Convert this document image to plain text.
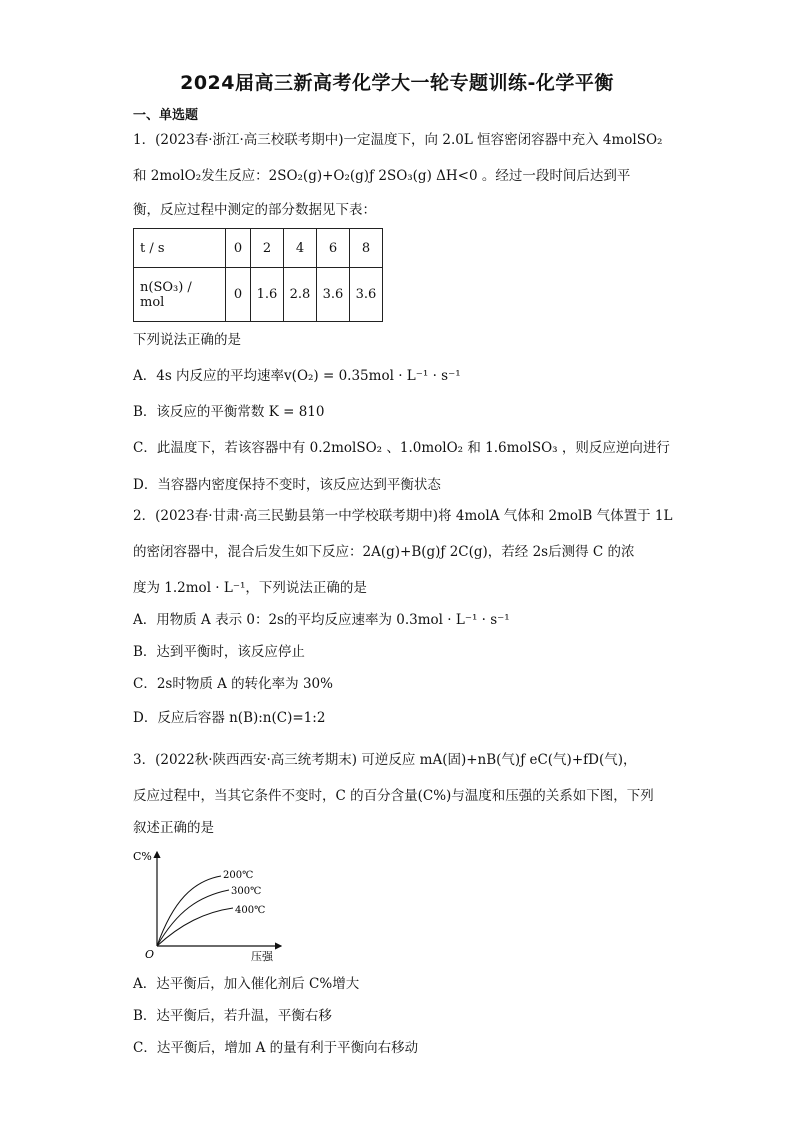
2024届高三新高考化学大一轮专题训练-化学平衡
一、单选题
1．(2023春·浙江·高三校联考期中)一定温度下，向 2.0L 恒容密闭容器中充入 4molSO₂
和 2molO₂发生反应：2SO₂(g)+O₂(g)ƒ 2SO₃(g) ΔH<0 。经过一段时间后达到平
衡，反应过程中测定的部分数据见下表：
t / s	0	2	4	6	8
n(SO₃) / mol	0	1.6	2.8	3.6	3.6
下列说法正确的是
A．4s 内反应的平均速率v(O₂) = 0.35mol · L⁻¹ · s⁻¹
B．该反应的平衡常数 K = 810
C．此温度下，若该容器中有 0.2molSO₂ 、1.0molO₂ 和 1.6molSO₃ ，则反应逆向进行
D．当容器内密度保持不变时，该反应达到平衡状态
2．(2023春·甘肃·高三民勤县第一中学校联考期中)将 4molA 气体和 2molB 气体置于 1L
的密闭容器中，混合后发生如下反应：2A(g)+B(g)ƒ 2C(g)，若经 2s后测得 C 的浓
度为 1.2mol · L⁻¹，下列说法正确的是
A．用物质 A 表示 0：2s的平均反应速率为 0.3mol · L⁻¹ · s⁻¹
B．达到平衡时，该反应停止
C．2s时物质 A 的转化率为 30%
D．反应后容器 n(B):n(C)=1:2
3．(2022秋·陕西西安·高三统考期末) 可逆反应 mA(固)+nB(气)ƒ eC(气)+fD(气)，
反应过程中，当其它条件不变时，C 的百分含量(C%)与温度和压强的关系如下图，下列
叙述正确的是
C%
O	压强
200℃
300℃
400℃
A．达平衡后，加入催化剂后 C%增大
B．达平衡后，若升温，平衡右移
C．达平衡后，增加 A 的量有利于平衡向右移动
